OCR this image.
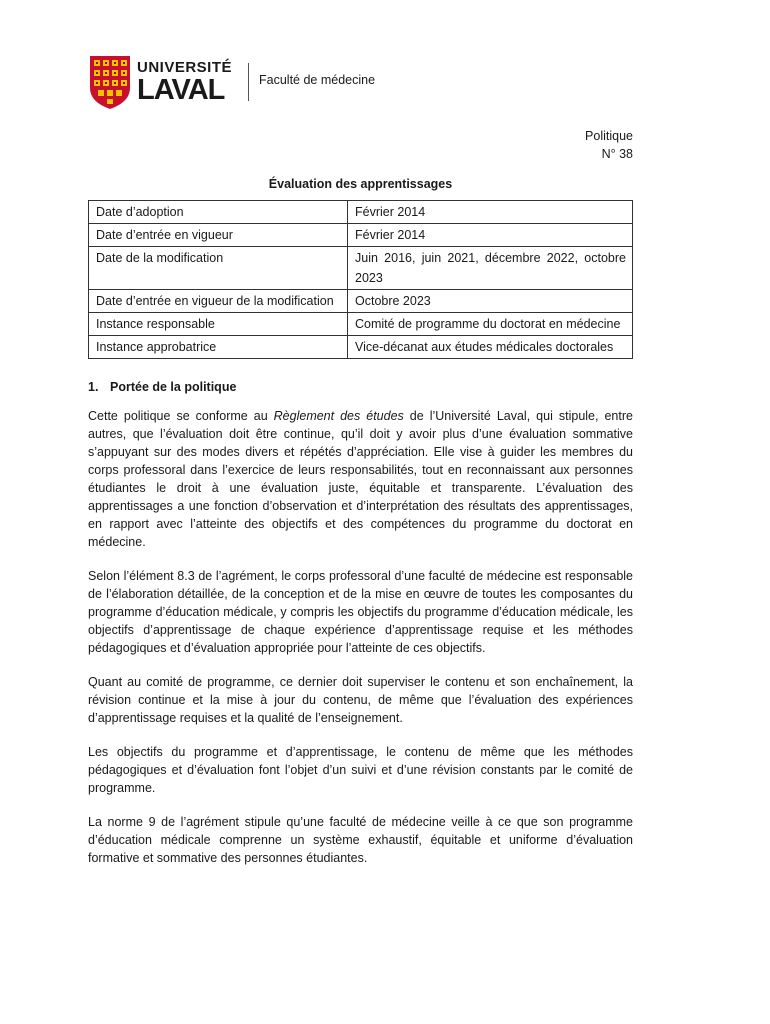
UNIVERSITÉ
LAVAL	Faculté de médecine
Politique
N° 38
Évaluation des apprentissages
Date d’adoption	Février 2014
Date d’entrée en vigueur	Février 2014
Date de la modification	Juin 2016, juin 2021, décembre 2022, octobre 2023
Date d’entrée en vigueur de la modification	Octobre 2023
Instance responsable	Comité de programme du doctorat en médecine
Instance approbatrice	Vice-décanat aux études médicales doctorales
1. Portée de la politique

Cette politique se conforme au Règlement des études de l’Université Laval, qui stipule, entre autres, que l’évaluation doit être continue, qu’il doit y avoir plus d’une évaluation sommative s’appuyant sur des modes divers et répétés d’appréciation. Elle vise à guider les membres du corps professoral dans l’exercice de leurs responsabilités, tout en reconnaissant aux personnes étudiantes le droit à une évaluation juste, équitable et transparente. L’évaluation des apprentissages a une fonction d’observation et d’interprétation des résultats des apprentissages, en rapport avec l’atteinte des objectifs et des compétences du programme du doctorat en médecine.

Selon l’élément 8.3 de l’agrément, le corps professoral d’une faculté de médecine est responsable de l’élaboration détaillée, de la conception et de la mise en œuvre de toutes les composantes du programme d’éducation médicale, y compris les objectifs du programme d’éducation médicale, les objectifs d’apprentissage de chaque expérience d’apprentissage requise et les méthodes pédagogiques et d’évaluation appropriée pour l’atteinte de ces objectifs.

Quant au comité de programme, ce dernier doit superviser le contenu et son enchaînement, la révision continue et la mise à jour du contenu, de même que l’évaluation des expériences d’apprentissage requises et la qualité de l’enseignement.

Les objectifs du programme et d’apprentissage, le contenu de même que les méthodes pédagogiques et d’évaluation font l’objet d’un suivi et d’une révision constants par le comité de programme.

La norme 9 de l’agrément stipule qu’une faculté de médecine veille à ce que son programme d’éducation médicale comprenne un système exhaustif, équitable et uniforme d’évaluation formative et sommative des personnes étudiantes.
